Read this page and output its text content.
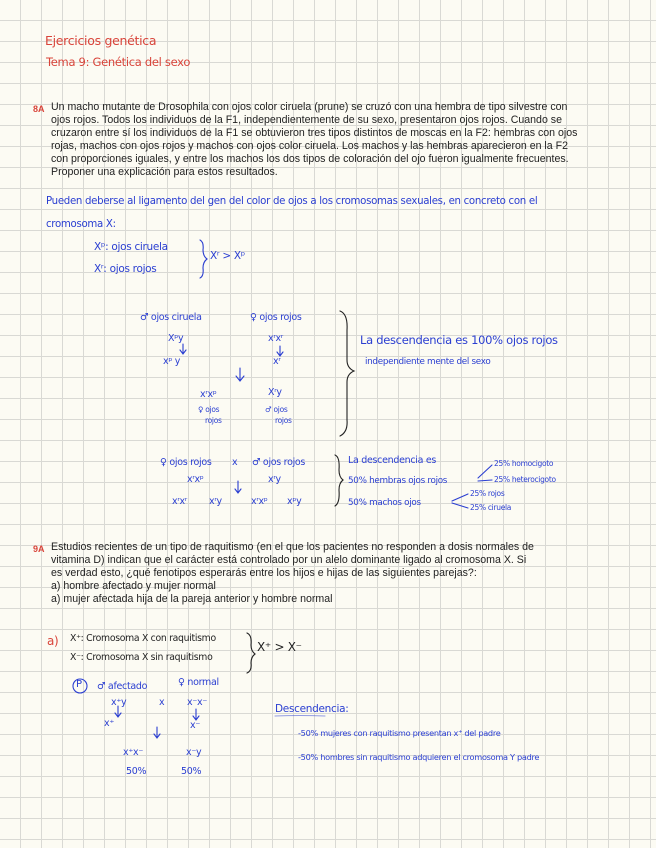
Ejercicios genética
Tema 9: Genética del sexo
8A Un macho mutante de Drosophila con ojos color ciruela (prune) se cruzó con una hembra de tipo silvestre con
ojos rojos. Todos los individuos de la F1, independientemente de su sexo, presentaron ojos rojos. Cuando se
cruzaron entre sí los individuos de la F1 se obtuvieron tres tipos distintos de moscas en la F2: hembras con ojos
rojas, machos con ojos rojos y machos con ojos color ciruela. Los machos y las hembras aparecieron en la F2
con proporciones iguales, y entre los machos los dos tipos de coloración del ojo fueron igualmente frecuentes.
Proponer una explicación para estos resultados.
Pueden deberse al ligamento del gen del color de ojos a los cromosomas sexuales, en concreto con el
cromosoma X:
Xᵖ: ojos ciruela
Xʳ: ojos rojos
Xʳ > Xᵖ
♂ ojos ciruela	♀ ojos rojos
Xᵖy	xʳxʳ
xᵖ y	xʳ
xʳxᵖ	Xʳy
♀ ojos
rojos
♂ ojos
rojos
La descendencia es 100% ojos rojos
independiente mente del sexo
♀ ojos rojos x ♂ ojos rojos
xʳxᵖ	xʳy
xʳxʳ xʳy	xʳxᵖ xᵖy
La descendencia es
50% hembras ojos rojos
25% homocigoto
25% heterocigoto
50% machos ojos
25% rojos
25% ciruela
9A Estudios recientes de un tipo de raquitismo (en el que los pacientes no responden a dosis normales de
vitamina D) indican que el carácter está controlado por un alelo dominante ligado al cromosoma X. Si
es verdad esto, ¿qué fenotipos esperarás entre los hijos e hijas de las siguientes parejas?:
a) hombre afectado y mujer normal
a) mujer afectada hija de la pareja anterior y hombre normal
a) X⁺: Cromosoma X con raquitismo
X⁻: Cromosoma X sin raquitismo
X⁺ > X⁻
P ♂ afectado	♀ normal
x⁺y	x x⁻x⁻
x⁺	x⁻
x⁺x⁻	x⁻y
50%	50%
Descendencia:
-50% mujeres con raquitismo presentan x⁺ del padre
-50% hombres sin raquitismo adquieren el cromosoma Y padre
